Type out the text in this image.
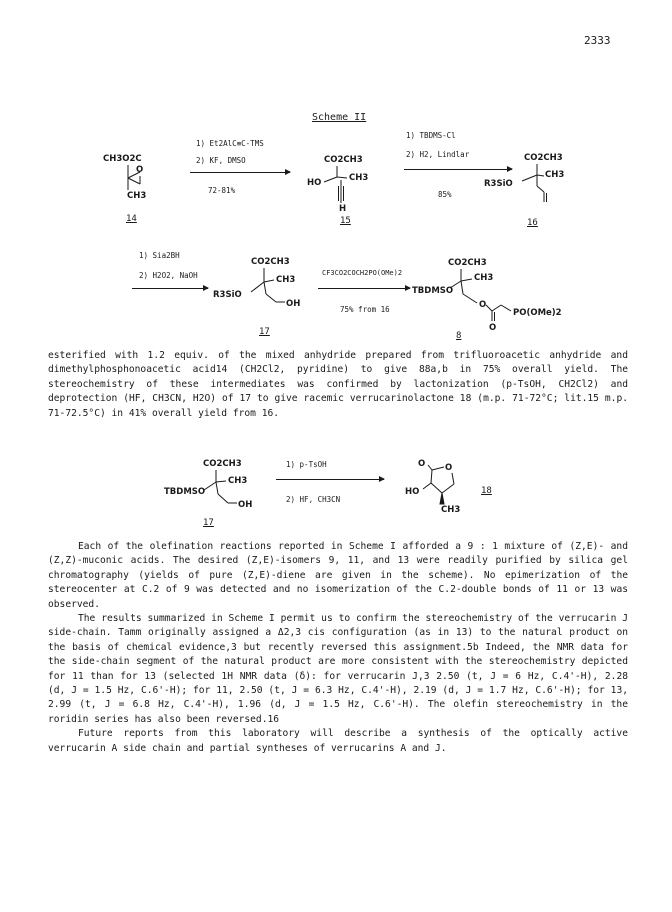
2333
Scheme II
CH3O2C
O
CH3
14
1) Et2AlC≡C-TMS
2) KF, DMSO
72-81%
CO2CH3
HO	CH3
H
15
1) TBDMS-Cl
2) H2, Lindlar
85%
CO2CH3
R3SiO
CH3
16
1) Sia2BH
2) H2O2, NaOH
CO2CH3
R3SiO
CH3
OH
17
CF3CO2COCH2PO(OMe)2
75% from 16
CO2CH3
TBDMSO
CH3
O
O
PO(OMe)2
8

esterified with 1.2 equiv. of the mixed anhydride prepared from trifluoroacetic anhydride and dimethylphosphonoacetic acid14 (CH2Cl2, pyridine) to give 88a,b in 75% overall yield. The stereochemistry of these intermediates was confirmed by lactonization (p-TsOH, CH2Cl2) and deprotection (HF, CH3CN, H2O) of 17 to give racemic verrucarinolactone 18 (m.p. 71-72°C; lit.15 m.p. 71-72.5°C) in 41% overall yield from 16.

CO2CH3
TBDMSO
CH3
OH
17
1) p-TsOH
2) HF, CH3CN
O O
HO
CH3
18

Each of the olefination reactions reported in Scheme I afforded a 9 : 1 mixture of (Z,E)- and (Z,Z)-muconic acids. The desired (Z,E)-isomers 9, 11, and 13 were readily purified by silica gel chromatography (yields of pure (Z,E)-diene are given in the scheme). No epimerization of the stereocenter at C.2 of 9 was detected and no isomerization of the C.2-double bonds of 11 or 13 was observed.

The results summarized in Scheme I permit us to confirm the stereochemistry of the verrucarin J side-chain. Tamm originally assigned a Δ2,3 cis configuration (as in 13) to the natural product on the basis of chemical evidence,3 but recently reversed this assignment.5b Indeed, the NMR data for the side-chain segment of the natural product are more consistent with the stereochemistry depicted for 11 than for 13 (selected 1H NMR data (δ): for verrucarin J,3 2.50 (t, J = 6 Hz, C.4'-H), 2.28 (d, J = 1.5 Hz, C.6'-H); for 11, 2.50 (t, J = 6.3 Hz, C.4'-H), 2.19 (d, J = 1.7 Hz, C.6'-H); for 13, 2.99 (t, J = 6.8 Hz, C.4'-H), 1.96 (d, J = 1.5 Hz, C.6'-H). The olefin stereochemistry in the roridin series has also been reversed.16

Future reports from this laboratory will describe a synthesis of the optically active verrucarin A side chain and partial syntheses of verrucarins A and J.
